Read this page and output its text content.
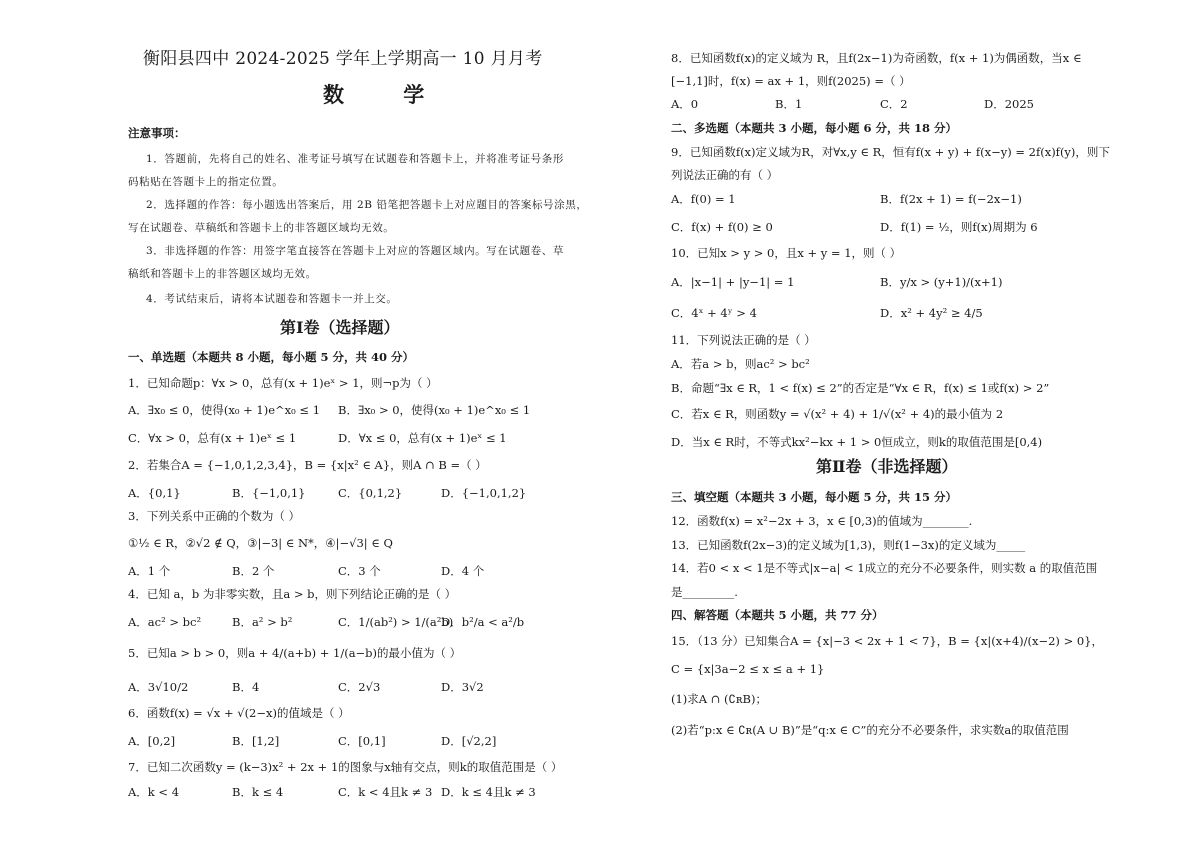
衡阳县四中 2024-2025 学年上学期高一 10 月月考
数 学
注意事项：
1．答题前，先将自己的姓名、准考证号填写在试题卷和答题卡上，并将准考证号条形
码粘贴在答题卡上的指定位置。
2．选择题的作答：每小题选出答案后，用 2B 铅笔把答题卡上对应题目的答案标号涂黑，
写在试题卷、草稿纸和答题卡上的非答题区域均无效。
3．非选择题的作答：用签字笔直接答在答题卡上对应的答题区域内。写在试题卷、草
稿纸和答题卡上的非答题区域均无效。
4．考试结束后，请将本试题卷和答题卡一并上交。
第Ⅰ卷（选择题）
一、单选题（本题共 8 小题，每小题 5 分，共 40 分）
1．已知命题p：∀x > 0，总有(x + 1)eˣ > 1，则¬p为（ ）
A．∃x₀ ≤ 0，使得(x₀ + 1)e^x₀ ≤ 1 B．∃x₀ > 0，使得(x₀ + 1)e^x₀ ≤ 1
C．∀x > 0，总有(x + 1)eˣ ≤ 1	D．∀x ≤ 0，总有(x + 1)eˣ ≤ 1
2．若集合A = {−1,0,1,2,3,4}，B = {x|x² ∈ A}，则A ∩ B =（ ）
A．{0,1}	B．{−1,0,1}	C．{0,1,2}	D．{−1,0,1,2}
3．下列关系中正确的个数为（ ）
①½ ∈ R，②√2 ∉ Q，③|−3| ∈ N*，④|−√3| ∈ Q
A．1 个	B．2 个	C．3 个	D．4 个
4．已知 a，b 为非零实数，且a > b，则下列结论正确的是（ ）
A．ac² > bc²	B．a² > b²	C．1/(ab²) > 1/(a²b)
D．b²/a < a²/b
5．已知a > b > 0，则a + 4/(a+b) + 1/(a−b)的最小值为（ ）
A．3√10/2	B．4	C．2√3	D．3√2
6．函数f(x) = √x + √(2−x)的值域是（ ）
A．[0,2]	B．[1,2]	C．[0,1]	D．[√2,2]
7．已知二次函数y = (k−3)x² + 2x + 1的图象与x轴有交点，则k的取值范围是（ ）
A．k < 4	B．k ≤ 4	C．k < 4且k ≠ 3 D．k ≤ 4且k ≠ 3
8．已知函数f(x)的定义域为 R，且f(2x−1)为奇函数，f(x + 1)为偶函数，当x ∈
[−1,1]时，f(x) = ax + 1，则f(2025) =（ ）
A．0	B．1	C．2	D．2025
二、多选题（本题共 3 小题，每小题 6 分，共 18 分）
9．已知函数f(x)定义域为R，对∀x,y ∈ R，恒有f(x + y) + f(x−y) = 2f(x)f(y)，则下
列说法正确的有（ ）
A．f(0) = 1	B．f(2x + 1) = f(−2x−1)
C．f(x) + f(0) ≥ 0	D．f(1) = ½，则f(x)周期为 6
10．已知x > y > 0，且x + y = 1，则（ ）
A．|x−1| + |y−1| = 1	B．y/x > (y+1)/(x+1)
C．4ˣ + 4ʸ > 4	D．x² + 4y² ≥ 4/5
11．下列说法正确的是（ ）
A．若a > b，则ac² > bc²
B．命题“∃x ∈ R，1 < f(x) ≤ 2”的否定是“∀x ∈ R，f(x) ≤ 1或f(x) > 2”
C．若x ∈ R，则函数y = √(x² + 4) + 1/√(x² + 4)的最小值为 2
D．当x ∈ R时，不等式kx²−kx + 1 > 0恒成立，则k的取值范围是[0,4)
第Ⅱ卷（非选择题）
三、填空题（本题共 3 小题，每小题 5 分，共 15 分）
12．函数f(x) = x²−2x + 3，x ∈ [0,3)的值域为________.
13．已知函数f(2x−3)的定义域为[1,3)，则f(1−3x)的定义域为_____
14．若0 < x < 1是不等式|x−a| < 1成立的充分不必要条件，则实数 a 的取值范围
是_________.
四、解答题（本题共 5 小题，共 77 分）
15．（13 分）已知集合A = {x|−3 < 2x + 1 < 7}，B = {x|(x+4)/(x−2) > 0}，
C = {x|3a−2 ≤ x ≤ a + 1}
(1)求A ∩ (∁ʀB)；
(2)若“p:x ∈ ∁ʀ(A ∪ B)”是“q:x ∈ C”的充分不必要条件，求实数a的取值范围
